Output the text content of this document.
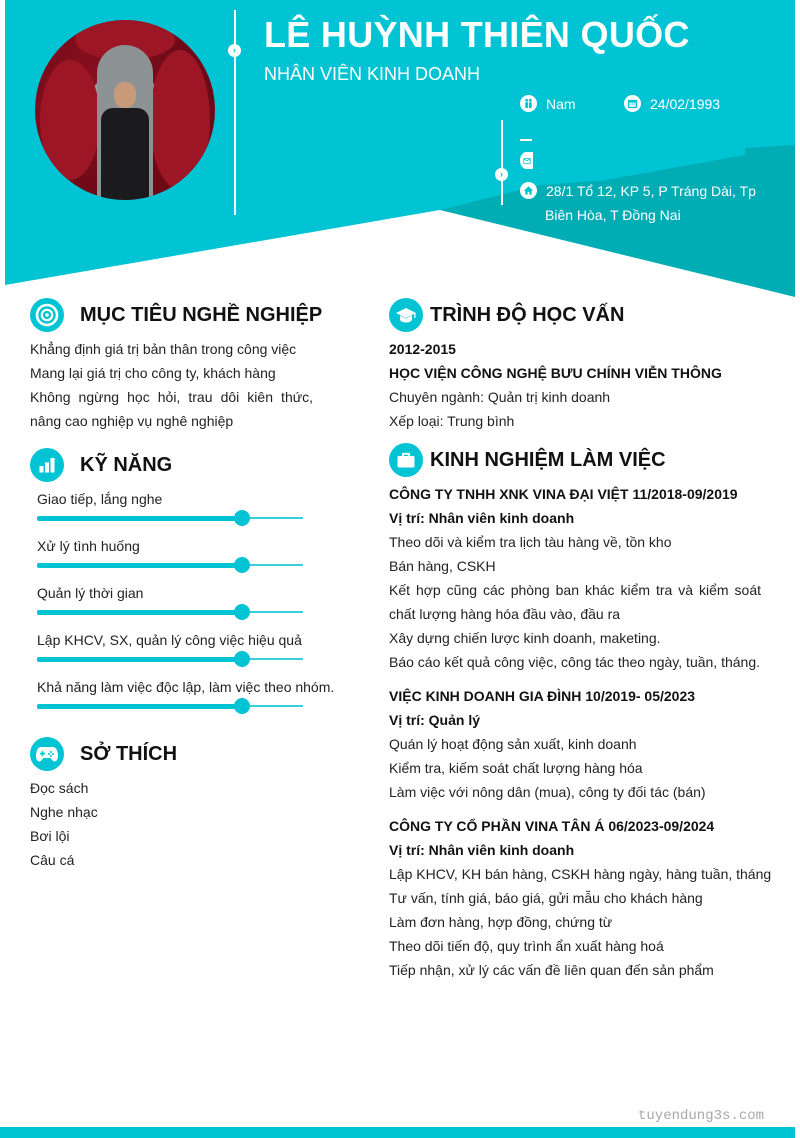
›
›
LÊ HUỲNH THIÊN QUỐC
NHÂN VIÊN KINH DOANH
Nam	24/02/1993
28/1 Tổ 12, KP 5, P Tráng Dài, Tp
Biên Hòa, T Đồng Nai
MỤC TIÊU NGHỀ NGHIỆP
Khẳng định giá trị bản thân trong công việc
Mang lại giá trị cho công ty, khách hàng
Không ngừng học hỏi, trau dôi kiên thức,
nâng cao nghiệp vụ nghê nghiệp
KỸ NĂNG
Giao tiếp, lắng nghe
Xử lý tình huống
Quản lý thời gian
Lập KHCV, SX, quản lý công việc hiệu quả
Khả năng làm việc độc lập, làm việc theo nhóm.
SỞ THÍCH
Đọc sách
Nghe nhạc
Bơi lội
Câu cá
TRÌNH ĐỘ HỌC VẤN
2012-2015
HỌC VIỆN CÔNG NGHỆ BƯU CHÍNH VIỄN THÔNG
Chuyên ngành: Quản trị kinh doanh
Xếp loại: Trung bình
KINH NGHIỆM LÀM VIỆC
CÔNG TY TNHH XNK VINA ĐẠI VIỆT 11/2018-09/2019
Vị trí: Nhân viên kinh doanh
Theo dõi và kiểm tra lịch tàu hàng về, tồn kho
Bán hàng, CSKH
Kết hợp cũng các phòng ban khác kiểm tra và kiểm soát
chất lượng hàng hóa đầu vào, đầu ra
Xây dựng chiến lược kinh doanh, maketing.
Báo cáo kết quả công việc, công tác theo ngày, tuần, tháng.
VIỆC KINH DOANH GIA ĐÌNH 10/2019- 05/2023
Vị trí: Quản lý
Quán lý hoạt động sản xuất, kinh doanh
Kiểm tra, kiếm soát chất lượng hàng hóa
Làm việc với nông dân (mua), công ty đối tác (bán)
CÔNG TY CỔ PHẦN VINA TÂN Á 06/2023-09/2024
Vị trí: Nhân viên kinh doanh
Lập KHCV, KH bán hàng, CSKH hàng ngày, hàng tuần, tháng
Tư vấn, tính giá, báo giá, gửi mẫu cho khách hàng
Làm đơn hàng, hợp đồng, chứng từ
Theo dõi tiến độ, quy trình ẩn xuất hàng hoá
Tiếp nhận, xử lý các vấn đề liên quan đến sản phẩm
tuyendung3s.com
